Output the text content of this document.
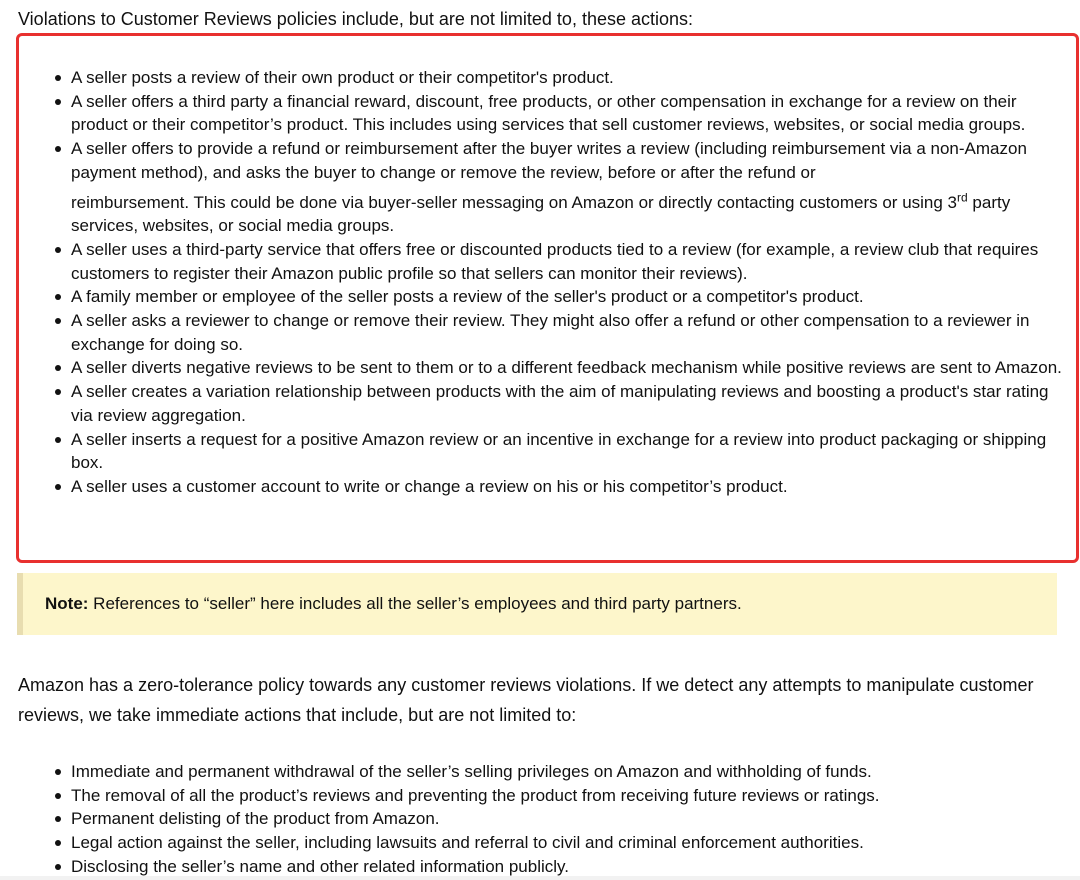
Violations to Customer Reviews policies include, but are not limited to, these actions:

A seller posts a review of their own product or their competitor's product.
A seller offers a third party a financial reward, discount, free products, or other compensation in exchange for a review on their product or their competitor’s product. This includes using services that sell customer reviews, websites, or social media groups.
A seller offers to provide a refund or reimbursement after the buyer writes a review (including reimbursement via a non-Amazon payment method), and asks the buyer to change or remove the review, before or after the refund or reimbursement. This could be done via buyer-seller messaging on Amazon or directly contacting customers or using 3rd party services, websites, or social media groups.
A seller uses a third-party service that offers free or discounted products tied to a review (for example, a review club that requires customers to register their Amazon public profile so that sellers can monitor their reviews).
A family member or employee of the seller posts a review of the seller's product or a competitor's product.
A seller asks a reviewer to change or remove their review. They might also offer a refund or other compensation to a reviewer in exchange for doing so.
A seller diverts negative reviews to be sent to them or to a different feedback mechanism while positive reviews are sent to Amazon.
A seller creates a variation relationship between products with the aim of manipulating reviews and boosting a product's star rating via review aggregation.
A seller inserts a request for a positive Amazon review or an incentive in exchange for a review into product packaging or shipping box.
A seller uses a customer account to write or change a review on his or his competitor’s product.

Note: References to “seller” here includes all the seller’s employees and third party partners.

Amazon has a zero-tolerance policy towards any customer reviews violations. If we detect any attempts to manipulate customer reviews, we take immediate actions that include, but are not limited to:

Immediate and permanent withdrawal of the seller’s selling privileges on Amazon and withholding of funds.
The removal of all the product’s reviews and preventing the product from receiving future reviews or ratings.
Permanent delisting of the product from Amazon.
Legal action against the seller, including lawsuits and referral to civil and criminal enforcement authorities.
Disclosing the seller’s name and other related information publicly.
